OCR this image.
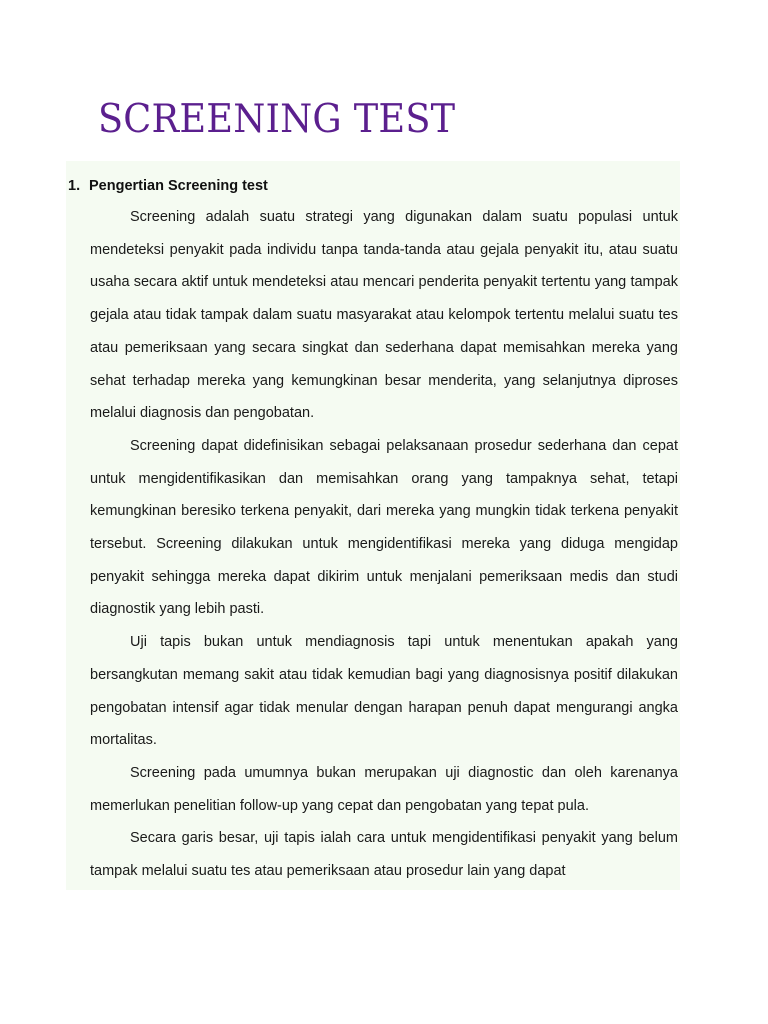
SCREENING TEST
1. Pengertian Screening test

Screening adalah suatu strategi yang digunakan dalam suatu populasi untuk mendeteksi penyakit pada individu tanpa tanda-tanda atau gejala penyakit itu, atau suatu usaha secara aktif untuk mendeteksi atau mencari penderita penyakit tertentu yang tampak gejala atau tidak tampak dalam suatu masyarakat atau kelompok tertentu melalui suatu tes atau pemeriksaan yang secara singkat dan sederhana dapat memisahkan mereka yang sehat terhadap mereka yang kemungkinan besar menderita, yang selanjutnya diproses melalui diagnosis dan pengobatan.

Screening dapat didefinisikan sebagai pelaksanaan prosedur sederhana dan cepat untuk mengidentifikasikan dan memisahkan orang yang tampaknya sehat, tetapi kemungkinan beresiko terkena penyakit, dari mereka yang mungkin tidak terkena penyakit tersebut. Screening dilakukan untuk mengidentifikasi mereka yang diduga mengidap penyakit sehingga mereka dapat dikirim untuk menjalani pemeriksaan medis dan studi diagnostik yang lebih pasti.

Uji tapis bukan untuk mendiagnosis tapi untuk menentukan apakah yang bersangkutan memang sakit atau tidak kemudian bagi yang diagnosisnya positif dilakukan pengobatan intensif agar tidak menular dengan harapan penuh dapat mengurangi angka mortalitas.

Screening pada umumnya bukan merupakan uji diagnostic dan oleh karenanya memerlukan penelitian follow-up yang cepat dan pengobatan yang tepat pula.

Secara garis besar, uji tapis ialah cara untuk mengidentifikasi penyakit yang belum tampak melalui suatu tes atau pemeriksaan atau prosedur lain yang dapat
